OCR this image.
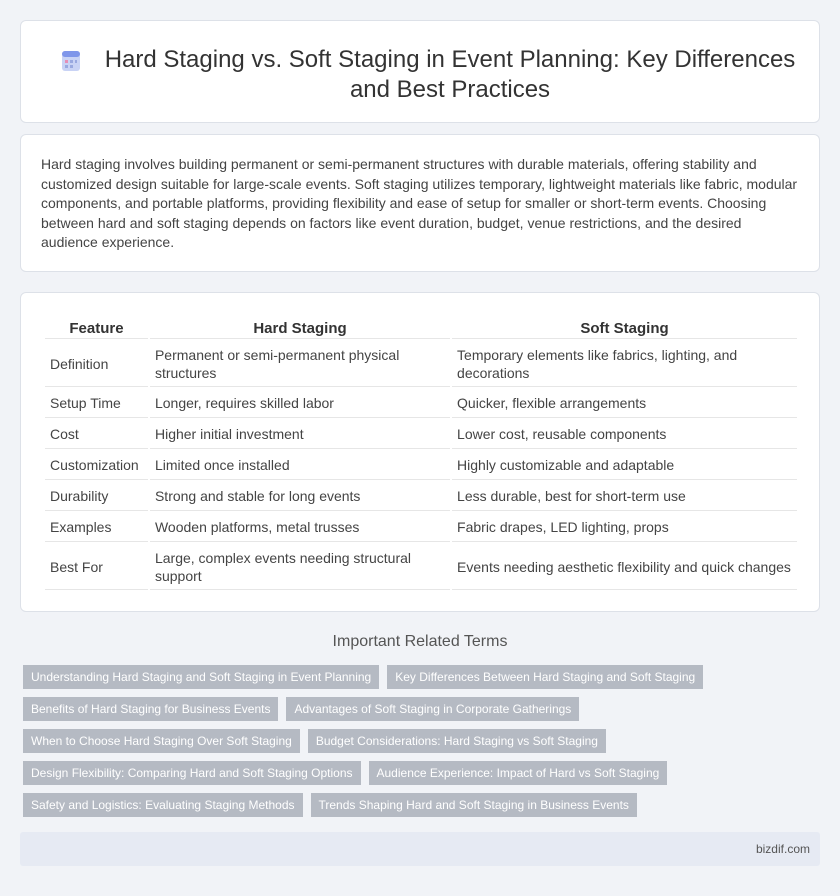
Hard Staging vs. Soft Staging in Event Planning: Key Differences and Best Practices

Hard staging involves building permanent or semi-permanent structures with durable materials, offering stability and customized design suitable for large-scale events. Soft staging utilizes temporary, lightweight materials like fabric, modular components, and portable platforms, providing flexibility and ease of setup for smaller or short-term events. Choosing between hard and soft staging depends on factors like event duration, budget, venue restrictions, and the desired audience experience.

Feature	Hard Staging	Soft Staging
Definition	Permanent or semi-permanent physical structures	Temporary elements like fabrics, lighting, and decorations
Setup Time	Longer, requires skilled labor	Quicker, flexible arrangements
Cost	Higher initial investment	Lower cost, reusable components
Customization	Limited once installed	Highly customizable and adaptable
Durability	Strong and stable for long events	Less durable, best for short-term use
Examples	Wooden platforms, metal trusses	Fabric drapes, LED lighting, props
Best For	Large, complex events needing structural support	Events needing aesthetic flexibility and quick changes
Important Related Terms
Understanding Hard Staging and Soft Staging in Event Planning	Key Differences Between Hard Staging and Soft Staging
Benefits of Hard Staging for Business Events	Advantages of Soft Staging in Corporate Gatherings
When to Choose Hard Staging Over Soft Staging	Budget Considerations: Hard Staging vs Soft Staging
Design Flexibility: Comparing Hard and Soft Staging Options	Audience Experience: Impact of Hard vs Soft Staging
Safety and Logistics: Evaluating Staging Methods	Trends Shaping Hard and Soft Staging in Business Events
bizdif.com
